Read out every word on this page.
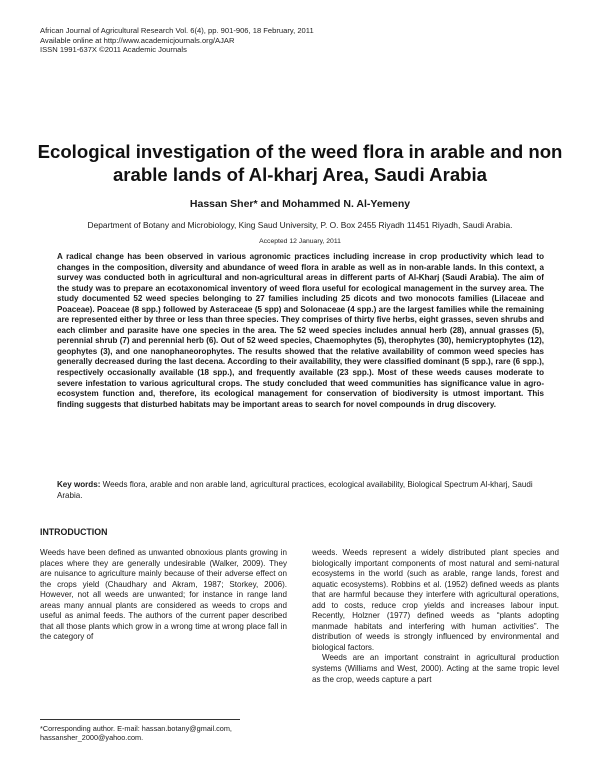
African Journal of Agricultural Research Vol. 6(4), pp. 901-906, 18 February, 2011
Available online at http://www.academicjournals.org/AJAR
ISSN 1991-637X ©2011 Academic Journals
Ecological investigation of the weed flora in arable and non arable lands of Al-kharj Area, Saudi Arabia
Hassan Sher* and Mohammed N. Al-Yemeny
Department of Botany and Microbiology, King Saud University, P. O. Box 2455 Riyadh 11451 Riyadh, Saudi Arabia.
Accepted 12 January, 2011
A radical change has been observed in various agronomic practices including increase in crop productivity which lead to changes in the composition, diversity and abundance of weed flora in arable as well as in non-arable lands. In this context, a survey was conducted both in agricultural and non-agricultural areas in different parts of Al-Kharj (Saudi Arabia). The aim of the study was to prepare an ecotaxonomical inventory of weed flora useful for ecological management in the survey area. The study documented 52 weed species belonging to 27 families including 25 dicots and two monocots families (Lilaceae and Poaceae). Poaceae (8 spp.) followed by Asteraceae (5 spp) and Solonaceae (4 spp.) are the largest families while the remaining are represented either by three or less than three species. They comprises of thirty five herbs, eight grasses, seven shrubs and each climber and parasite have one species in the area. The 52 weed species includes annual herb (28), annual grasses (5), perennial shrub (7) and perennial herb (6). Out of 52 weed species, Chaemophytes (5), therophytes (30), hemicryptophytes (12), geophytes (3), and one nanophaneorophytes. The results showed that the relative availability of common weed species has generally decreased during the last decena. According to their availability, they were classified dominant (5 spp.), rare (6 spp.), respectively occasionally available (18 spp.), and frequently available (23 spp.). Most of these weeds causes moderate to severe infestation to various agricultural crops. The study concluded that weed communities has significance value in agro-ecosystem function and, therefore, its ecological management for conservation of biodiversity is utmost important. This finding suggests that disturbed habitats may be important areas to search for novel compounds in drug discovery.
Key words: Weeds flora, arable and non arable land, agricultural practices, ecological availability, Biological Spectrum Al-kharj, Saudi Arabia.
INTRODUCTION

Weeds have been defined as unwanted obnoxious plants growing in places where they are generally undesirable (Walker, 2009). They are nuisance to agriculture mainly because of their adverse effect on the crops yield (Chaudhary and Akram, 1987; Storkey, 2006). However, not all weeds are unwanted; for instance in range land areas many annual plants are considered as weeds to crops and useful as animal feeds. The authors of the current paper described that all those plants which grow in a wrong time at wrong place fall in the category of

weeds. Weeds represent a widely distributed plant species and biologically important components of most natural and semi-natural ecosystems in the world (such as arable, range lands, forest and aquatic ecosystems). Robbins et al. (1952) defined weeds as plants that are harmful because they interfere with agricultural operations, add to costs, reduce crop yields and increases labour input. Recently, Holzner (1977) defined weeds as “plants adopting manmade habitats and interfering with human activities”. The distribution of weeds is strongly influenced by environmental and biological factors.

Weeds are an important constraint in agricultural production systems (Williams and West, 2000). Acting at the same tropic level as the crop, weeds capture a part

*Corresponding author. E-mail: hassan.botany@gmail.com,
hassansher_2000@yahoo.com.
